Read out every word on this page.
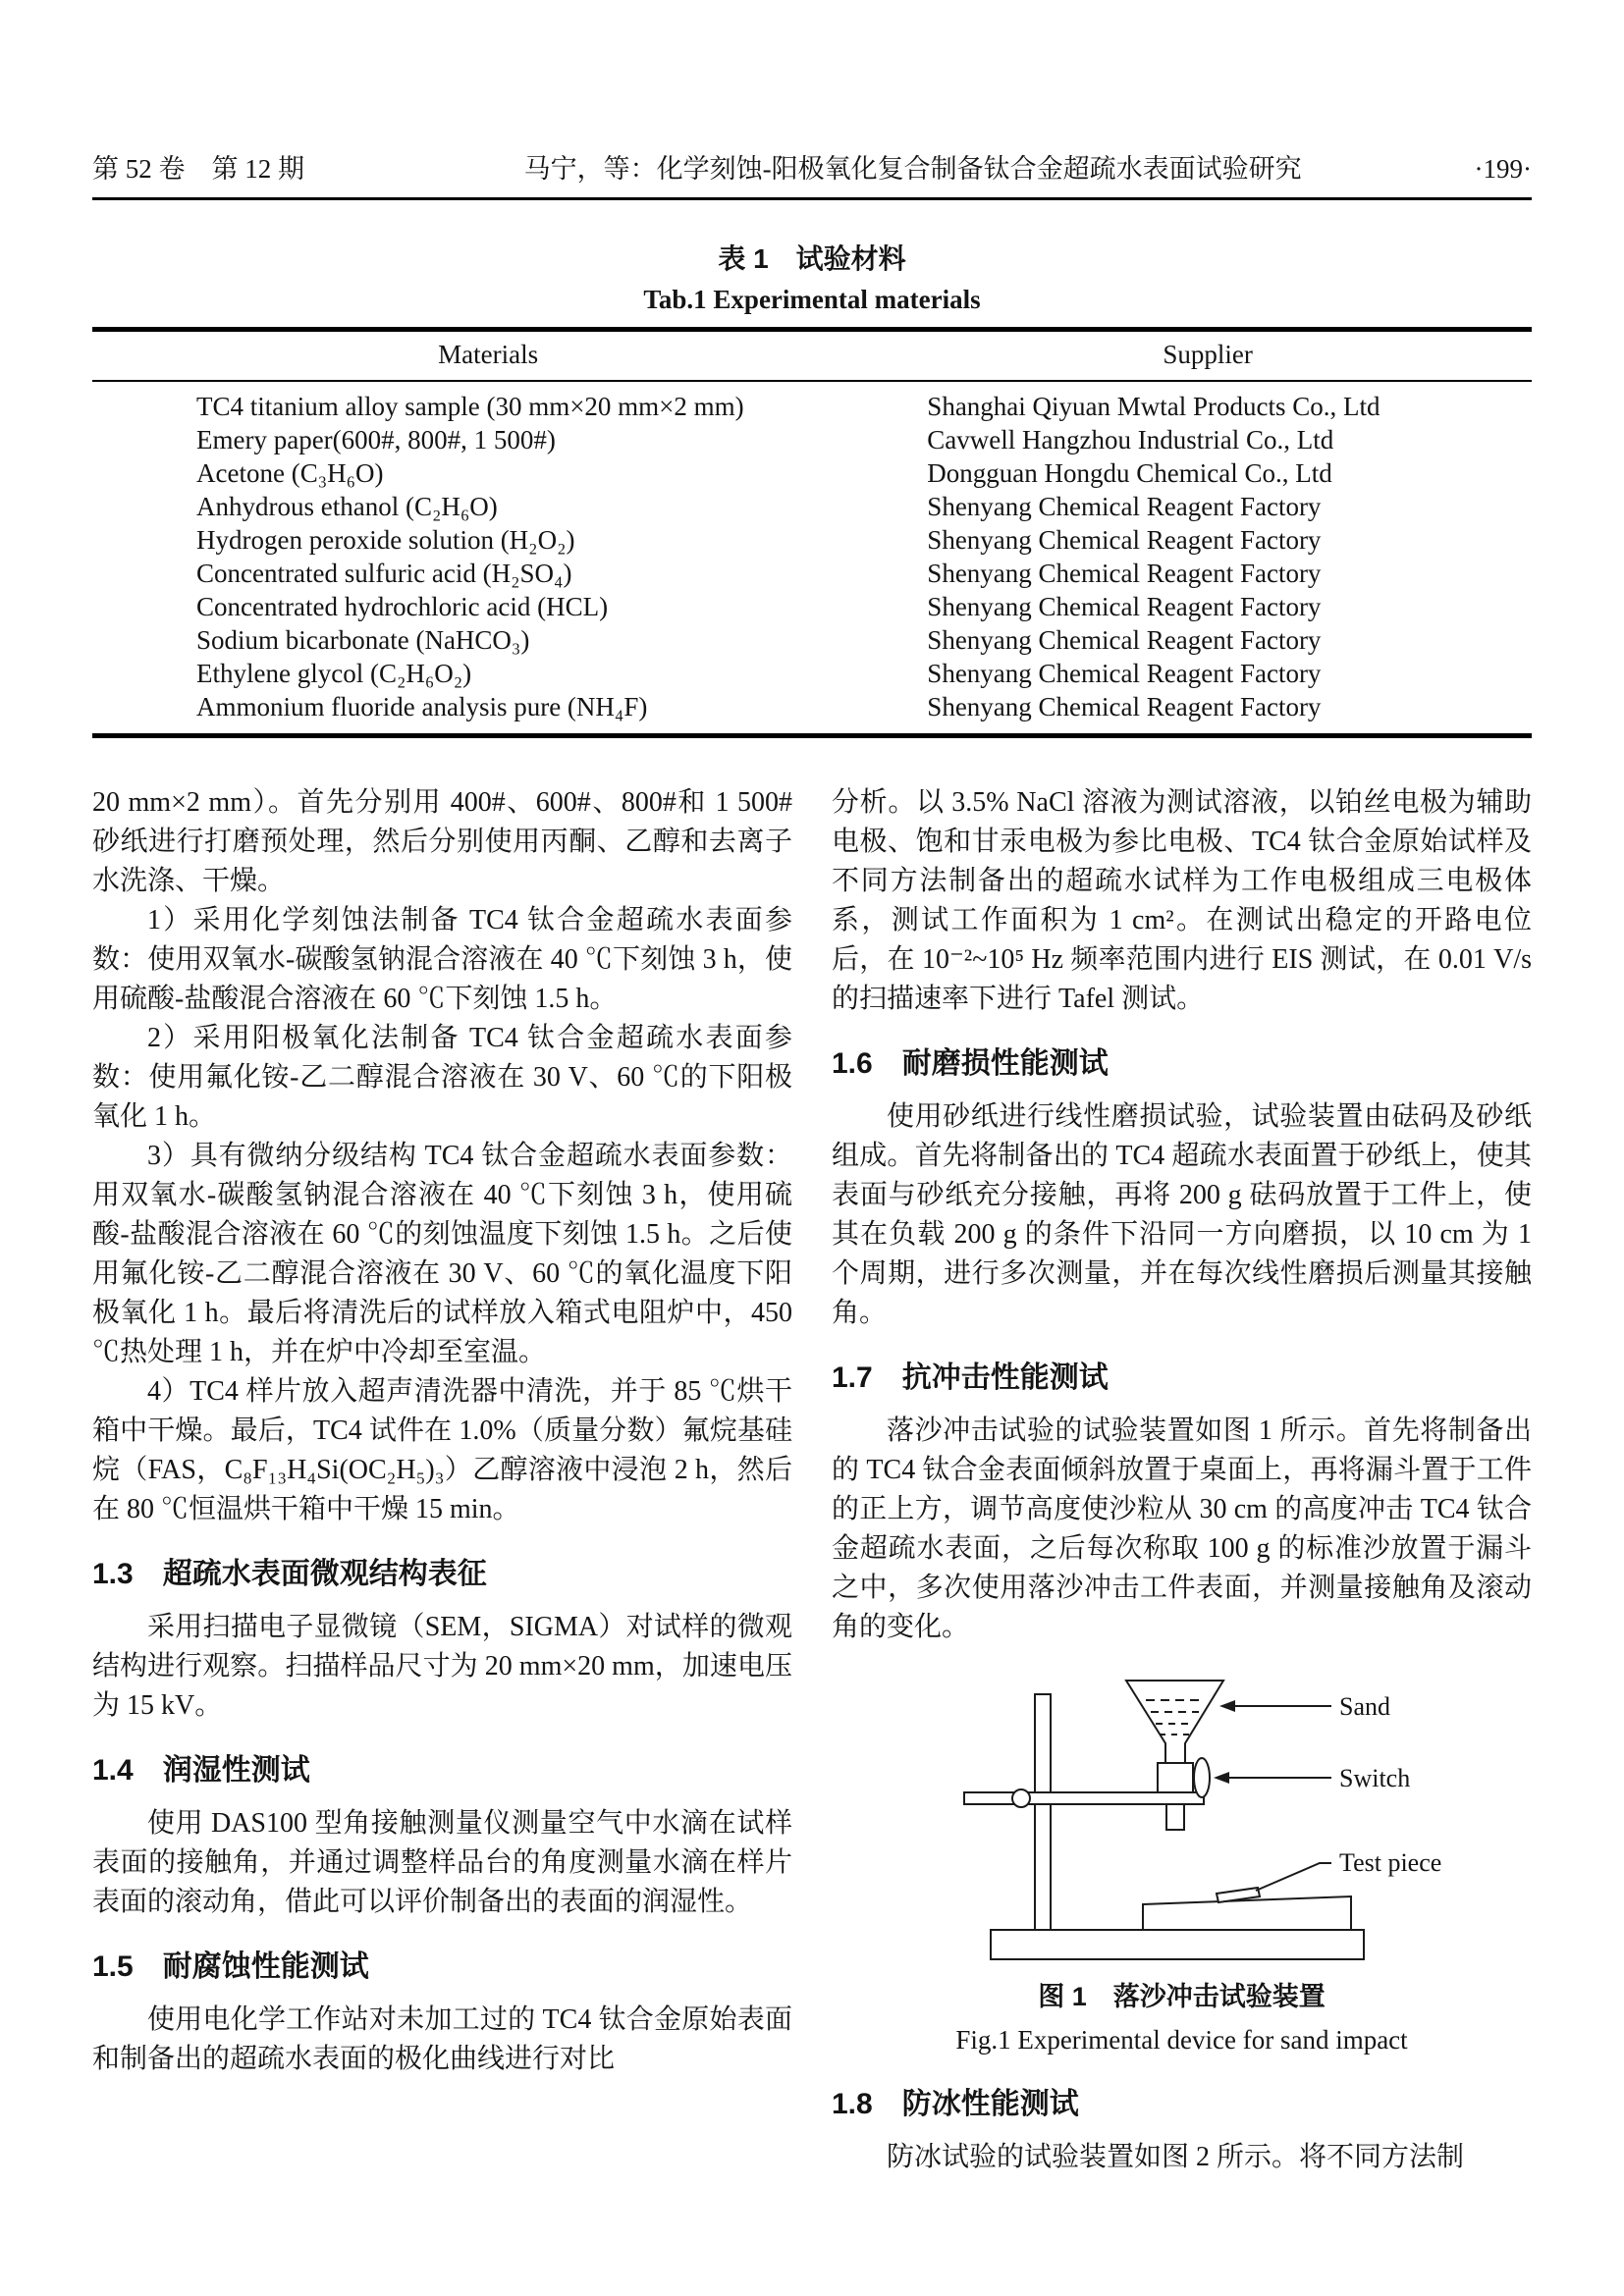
第 52 卷　第 12 期	马宁，等：化学刻蚀-阳极氧化复合制备钛合金超疏水表面试验研究	·199·
表 1　试验材料
Tab.1 Experimental materials
Materials	Supplier
TC4 titanium alloy sample (30 mm×20 mm×2 mm)	Shanghai Qiyuan Mwtal Products Co., Ltd
Emery paper(600#, 800#, 1 500#)	Cavwell Hangzhou Industrial Co., Ltd
Acetone (C₃H₆O)	Dongguan Hongdu Chemical Co., Ltd
Anhydrous ethanol (C₂H₆O)	Shenyang Chemical Reagent Factory
Hydrogen peroxide solution (H₂O₂)	Shenyang Chemical Reagent Factory
Concentrated sulfuric acid (H₂SO₄)	Shenyang Chemical Reagent Factory
Concentrated hydrochloric acid (HCL)	Shenyang Chemical Reagent Factory
Sodium bicarbonate (NaHCO₃)	Shenyang Chemical Reagent Factory
Ethylene glycol (C₂H₆O₂)	Shenyang Chemical Reagent Factory
Ammonium fluoride analysis pure (NH₄F)	Shenyang Chemical Reagent Factory

20 mm×2 mm）。首先分别用 400#、600#、800#和 1 500# 砂纸进行打磨预处理，然后分别使用丙酮、乙醇和去离子水洗涤、干燥。

1）采用化学刻蚀法制备 TC4 钛合金超疏水表面参数：使用双氧水-碳酸氢钠混合溶液在 40 ℃下刻蚀 3 h，使用硫酸-盐酸混合溶液在 60 ℃下刻蚀 1.5 h。

2）采用阳极氧化法制备 TC4 钛合金超疏水表面参数：使用氟化铵-乙二醇混合溶液在 30 V、60 ℃的下阳极氧化 1 h。

3）具有微纳分级结构 TC4 钛合金超疏水表面参数：用双氧水-碳酸氢钠混合溶液在 40 ℃下刻蚀 3 h，使用硫酸-盐酸混合溶液在 60 ℃的刻蚀温度下刻蚀 1.5 h。之后使用氟化铵-乙二醇混合溶液在 30 V、60 ℃的氧化温度下阳极氧化 1 h。最后将清洗后的试样放入箱式电阻炉中，450 ℃热处理 1 h，并在炉中冷却至室温。

4）TC4 样片放入超声清洗器中清洗，并于 85 ℃烘干箱中干燥。最后，TC4 试件在 1.0%（质量分数）氟烷基硅烷（FAS，C₈F₁₃H₄Si(OC₂H₅)₃）乙醇溶液中浸泡 2 h，然后在 80 ℃恒温烘干箱中干燥 15 min。

1.3　超疏水表面微观结构表征

采用扫描电子显微镜（SEM，SIGMA）对试样的微观结构进行观察。扫描样品尺寸为 20 mm×20 mm，加速电压为 15 kV。

1.4　润湿性测试

使用 DAS100 型角接触测量仪测量空气中水滴在试样表面的接触角，并通过调整样品台的角度测量水滴在样片表面的滚动角，借此可以评价制备出的表面的润湿性。

1.5　耐腐蚀性能测试

使用电化学工作站对未加工过的 TC4 钛合金原始表面和制备出的超疏水表面的极化曲线进行对比

分析。以 3.5% NaCl 溶液为测试溶液，以铂丝电极为辅助电极、饱和甘汞电极为参比电极、TC4 钛合金原始试样及不同方法制备出的超疏水试样为工作电极组成三电极体系，测试工作面积为 1 cm²。在测试出稳定的开路电位后，在 10⁻²~10⁵ Hz 频率范围内进行 EIS 测试，在 0.01 V/s 的扫描速率下进行 Tafel 测试。

1.6　耐磨损性能测试

使用砂纸进行线性磨损试验，试验装置由砝码及砂纸组成。首先将制备出的 TC4 超疏水表面置于砂纸上，使其表面与砂纸充分接触，再将 200 g 砝码放置于工件上，使其在负载 200 g 的条件下沿同一方向磨损，以 10 cm 为 1 个周期，进行多次测量，并在每次线性磨损后测量其接触角。

1.7　抗冲击性能测试

落沙冲击试验的试验装置如图 1 所示。首先将制备出的 TC4 钛合金表面倾斜放置于桌面上，再将漏斗置于工件的正上方，调节高度使沙粒从 30 cm 的高度冲击 TC4 钛合金超疏水表面，之后每次称取 100 g 的标准沙放置于漏斗之中，多次使用落沙冲击工件表面，并测量接触角及滚动角的变化。

Sand
Switch
Test piece
图 1　落沙冲击试验装置
Fig.1 Experimental device for sand impact
1.8　防冰性能测试

防冰试验的试验装置如图 2 所示。将不同方法制
